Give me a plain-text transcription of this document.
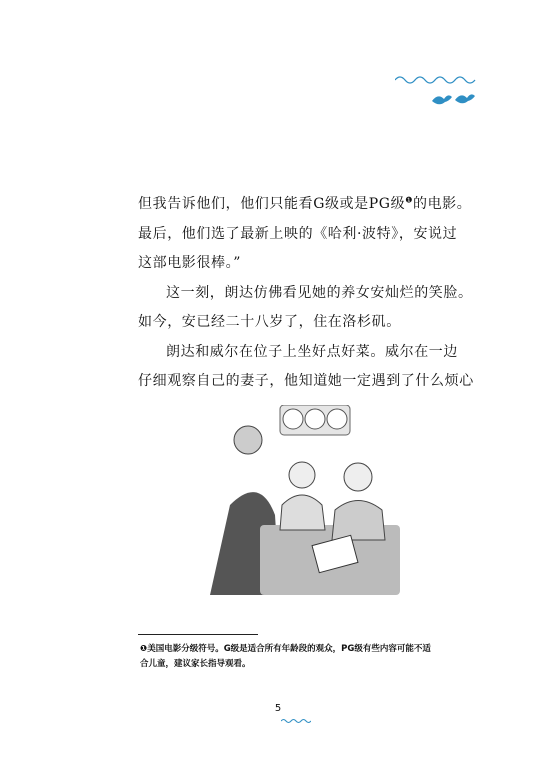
但我告诉他们，他们只能看G级或是PG级$^❶$的电影。

最后，他们选了最新上映的《哈利·波特》，安说过

这部电影很棒。”

这一刻，朗达仿佛看见她的养女安灿烂的笑脸。

如今，安已经二十八岁了，住在洛杉矶。

朗达和威尔在位子上坐好点好菜。威尔在一边

仔细观察自己的妻子，他知道她一定遇到了什么烦心

❶美国电影分级符号。G级是适合所有年龄段的观众，PG级有些内容可能不适
合儿童，建议家长指导观看。
5
